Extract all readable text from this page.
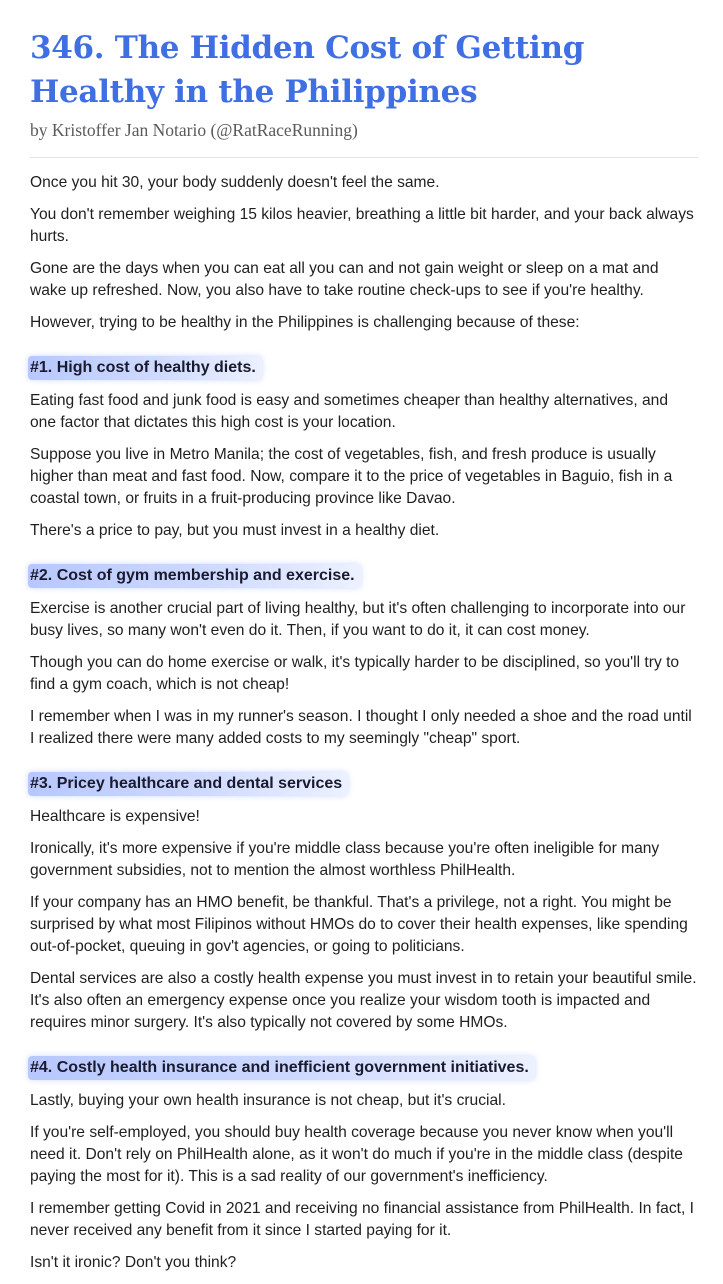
346. The Hidden Cost of Getting Healthy in the Philippines
by Kristoffer Jan Notario (@RatRaceRunning)

Once you hit 30, your body suddenly doesn't feel the same.

You don't remember weighing 15 kilos heavier, breathing a little bit harder, and your back always hurts.

Gone are the days when you can eat all you can and not gain weight or sleep on a mat and wake up refreshed. Now, you also have to take routine check-ups to see if you're healthy.

However, trying to be healthy in the Philippines is challenging because of these:

#1. High cost of healthy diets.

Eating fast food and junk food is easy and sometimes cheaper than healthy alternatives, and one factor that dictates this high cost is your location.

Suppose you live in Metro Manila; the cost of vegetables, fish, and fresh produce is usually higher than meat and fast food. Now, compare it to the price of vegetables in Baguio, fish in a coastal town, or fruits in a fruit-producing province like Davao.

There's a price to pay, but you must invest in a healthy diet.

#2. Cost of gym membership and exercise.

Exercise is another crucial part of living healthy, but it's often challenging to incorporate into our busy lives, so many won't even do it. Then, if you want to do it, it can cost money.

Though you can do home exercise or walk, it's typically harder to be disciplined, so you'll try to find a gym coach, which is not cheap!

I remember when I was in my runner's season. I thought I only needed a shoe and the road until I realized there were many added costs to my seemingly "cheap" sport.

#3. Pricey healthcare and dental services

Healthcare is expensive!

Ironically, it's more expensive if you're middle class because you're often ineligible for many government subsidies, not to mention the almost worthless PhilHealth.

If your company has an HMO benefit, be thankful. That's a privilege, not a right. You might be surprised by what most Filipinos without HMOs do to cover their health expenses, like spending out-of-pocket, queuing in gov't agencies, or going to politicians.

Dental services are also a costly health expense you must invest in to retain your beautiful smile. It's also often an emergency expense once you realize your wisdom tooth is impacted and requires minor surgery. It's also typically not covered by some HMOs.

#4. Costly health insurance and inefficient government initiatives.

Lastly, buying your own health insurance is not cheap, but it's crucial.

If you're self-employed, you should buy health coverage because you never know when you'll need it. Don't rely on PhilHealth alone, as it won't do much if you're in the middle class (despite paying the most for it). This is a sad reality of our government's inefficiency.

I remember getting Covid in 2021 and receiving no financial assistance from PhilHealth. In fact, I never received any benefit from it since I started paying for it.

Isn't it ironic? Don't you think?
